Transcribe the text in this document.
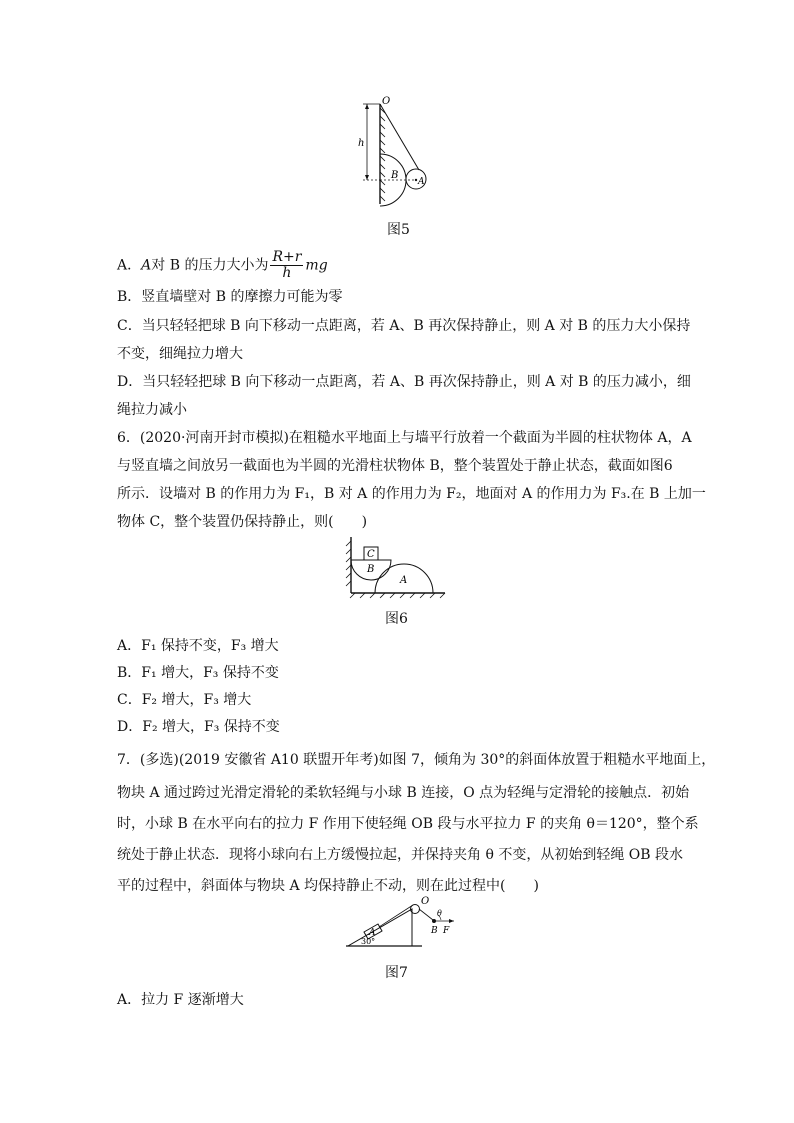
O
h
B
A
图5
A．A对 B 的压力大小为 $\frac{R+r}{h}$ mg
B．竖直墙壁对 B 的摩擦力可能为零
C．当只轻轻把球 B 向下移动一点距离，若 A、B 再次保持静止，则 A 对 B 的压力大小保持
不变，细绳拉力增大
D．当只轻轻把球 B 向下移动一点距离，若 A、B 再次保持静止，则 A 对 B 的压力减小，细
绳拉力减小
6．(2020·河南开封市模拟)在粗糙水平地面上与墙平行放着一个截面为半圆的柱状物体 A，A
与竖直墙之间放另一截面也为半圆的光滑柱状物体 B，整个装置处于静止状态，截面如图6
所示．设墙对 B 的作用力为 F₁，B 对 A 的作用力为 F₂，地面对 A 的作用力为 F₃.在 B 上加一
物体 C，整个装置仍保持静止，则(　　)
C
B
A
图6
A．F₁ 保持不变，F₃ 增大
B．F₁ 增大，F₃ 保持不变
C．F₂ 增大，F₃ 增大
D．F₂ 增大，F₃ 保持不变
7．(多选)(2019 安徽省 A10 联盟开年考)如图 7，倾角为 30°的斜面体放置于粗糙水平地面上，
物块 A 通过跨过光滑定滑轮的柔软轻绳与小球 B 连接，O 点为轻绳与定滑轮的接触点．初始
时，小球 B 在水平向右的拉力 F 作用下使轻绳 OB 段与水平拉力 F 的夹角 θ＝120°，整个系
统处于静止状态．现将小球向右上方缓慢拉起，并保持夹角 θ 不变，从初始到轻绳 OB 段水
平的过程中，斜面体与物块 A 均保持静止不动，则在此过程中(　　)
A
30°
O
θ
B F
图7
A．拉力 F 逐渐增大
